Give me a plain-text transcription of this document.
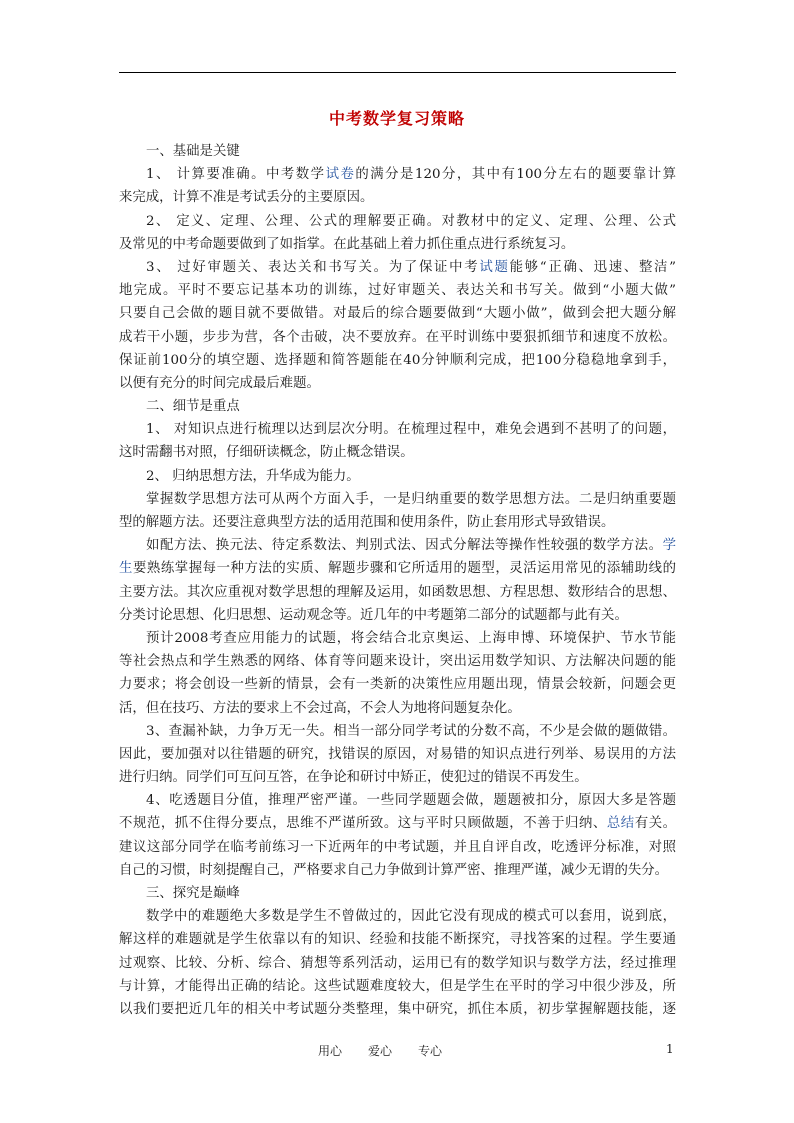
中考数学复习策略
一、基础是关键
1、 计算要准确。中考数学试卷的满分是120分，其中有100分左右的题要靠计算
来完成，计算不准是考试丢分的主要原因。
2、 定义、定理、公理、公式的理解要正确。对教材中的定义、定理、公理、公式
及常见的中考命题要做到了如指掌。在此基础上着力抓住重点进行系统复习。
3、 过好审题关、表达关和书写关。为了保证中考试题能够“正确、迅速、整洁”
地完成。平时不要忘记基本功的训练，过好审题关、表达关和书写关。做到“小题大做”
只要自己会做的题目就不要做错。对最后的综合题要做到“大题小做”，做到会把大题分解
成若干小题，步步为营，各个击破，决不要放弃。在平时训练中要狠抓细节和速度不放松。
保证前100分的填空题、选择题和简答题能在40分钟顺利完成，把100分稳稳地拿到手，
以便有充分的时间完成最后难题。
二、细节是重点
1、 对知识点进行梳理以达到层次分明。在梳理过程中，难免会遇到不甚明了的问题，
这时需翻书对照，仔细研读概念，防止概念错误。
2、 归纳思想方法，升华成为能力。
掌握数学思想方法可从两个方面入手，一是归纳重要的数学思想方法。二是归纳重要题
型的解题方法。还要注意典型方法的适用范围和使用条件，防止套用形式导致错误。
如配方法、换元法、待定系数法、判别式法、因式分解法等操作性较强的数学方法。学
生要熟练掌握每一种方法的实质、解题步骤和它所适用的题型，灵活运用常见的添辅助线的
主要方法。其次应重视对数学思想的理解及运用，如函数思想、方程思想、数形结合的思想、
分类讨论思想、化归思想、运动观念等。近几年的中考题第二部分的试题都与此有关。
预计2008考查应用能力的试题，将会结合北京奥运、上海申博、环境保护、节水节能
等社会热点和学生熟悉的网络、体育等问题来设计，突出运用数学知识、方法解决问题的能
力要求；将会创设一些新的情景，会有一类新的决策性应用题出现，情景会较新，问题会更
活，但在技巧、方法的要求上不会过高，不会人为地将问题复杂化。
3、查漏补缺，力争万无一失。相当一部分同学考试的分数不高，不少是会做的题做错。
因此，要加强对以往错题的研究，找错误的原因，对易错的知识点进行列举、易误用的方法
进行归纳。同学们可互问互答，在争论和研讨中矫正，使犯过的错误不再发生。
4、吃透题目分值，推理严密严谨。一些同学题题会做，题题被扣分，原因大多是答题
不规范，抓不住得分要点，思维不严谨所致。这与平时只顾做题，不善于归纳、总结有关。
建议这部分同学在临考前练习一下近两年的中考试题，并且自评自改，吃透评分标准，对照
自己的习惯，时刻提醒自己，严格要求自己力争做到计算严密、推理严谨，减少无谓的失分。
三、探究是巅峰
数学中的难题绝大多数是学生不曾做过的，因此它没有现成的模式可以套用，说到底，
解这样的难题就是学生依靠以有的知识、经验和技能不断探究，寻找答案的过程。学生要通
过观察、比较、分析、综合、猜想等系列活动，运用已有的数学知识与数学方法，经过推理
与计算，才能得出正确的结论。这些试题难度较大，但是学生在平时的学习中很少涉及，所
以我们要把近几年的相关中考试题分类整理，集中研究，抓住本质，初步掌握解题技能，逐
用心 爱心 专心	1
